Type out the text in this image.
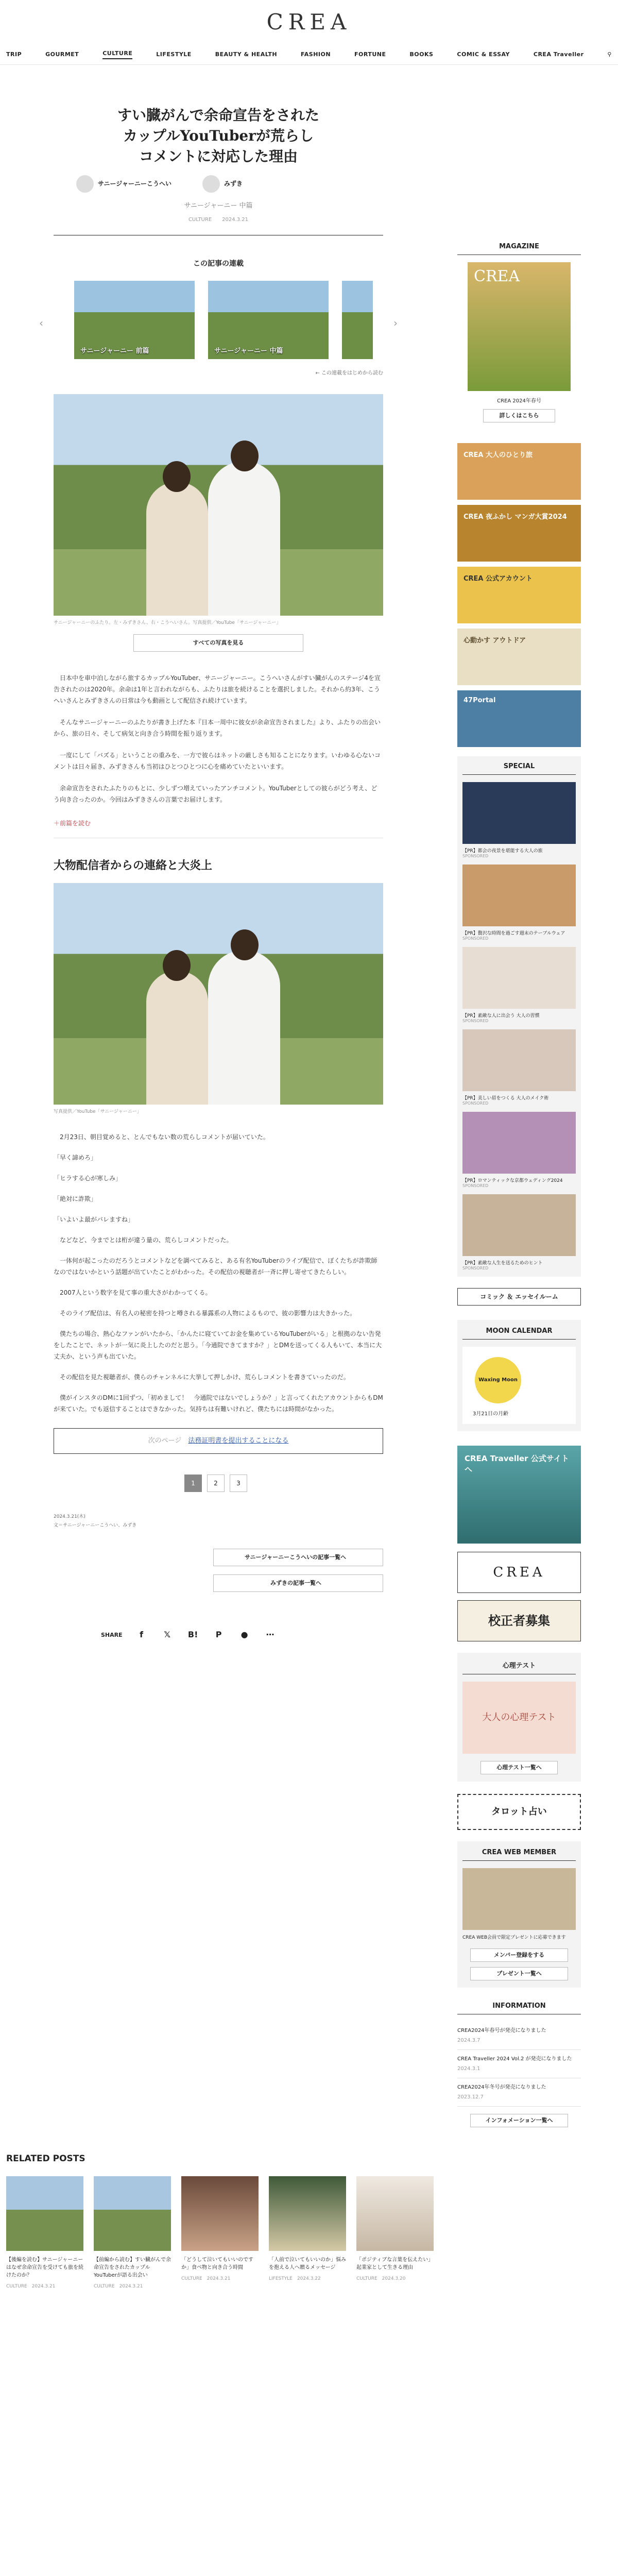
CREA
TRIP	GOURMET	CULTURE	LIFESTYLE	BEAUTY & HEALTH	FASHION	FORTUNE	BOOKS	COMIC & ESSAY	CREA Traveller	⚲
すい臓がんで余命宣告をされた
カップルYouTuberが荒らし
コメントに対応した理由
サニージャーニーこうへい	みずき
サニージャーニー 中篇
CULTURE　　2024.3.21
この記事の連載
‹
サニージャーニー 前篇	サニージャーニー 中篇
›
← この連載をはじめから読む
サニージャーニーのふたり。左・みずきさん、右・こうへいさん。写真提供／YouTube「サニージャーニー」
すべての写真を見る
　日本中を車中泊しながら旅するカップルYouTuber、サニージャーニー。こうへいさんがすい臓がんのステージ4を宣告されたのは2020年。余命は1年と言われながらも、ふたりは旅を続けることを選択しました。それから約3年、こうへいさんとみずきさんの日常は今も動画として配信され続けています。
　そんなサニージャーニーのふたりが書き上げた本『日本一周中に彼女が余命宣告されました』より、ふたりの出会いから、旅の日々、そして病気と向き合う時間を振り返ります。
　一度にして「バズる」ということの重みを、一方で彼らはネットの厳しさも知ることになります。いわゆる心ないコメントは日々届き、みずきさんも当初はひとつひとつに心を痛めていたといいます。
　余命宣告をされたふたりのもとに、少しずつ増えていったアンチコメント。YouTuberとしての彼らがどう考え、どう向き合ったのか。今回はみずきさんの言葉でお届けします。
＋前篇を読む
大物配信者からの連絡と大炎上
写真提供／YouTube「サニージャーニー」
　2月23日、朝目覚めると、とんでもない数の荒らしコメントが届いていた。
「早く諦めろ」
「ヒラする心が寒しみ」
「絶対に詐欺」
「いよいよ最がバレますね」
　などなど、今までとは桁が違う量の、荒らしコメントだった。
　一体何が起こったのだろうとコメントなどを調べてみると、ある有名YouTuberのライブ配信で、ぼくたちが詐欺師なのではないかという話題が出ていたことがわかった。その配信の視聴者が一斉に押し寄せてきたらしい。
　2007人という数字を見て事の重大さがわかってくる。
　そのライブ配信は、有名人の秘密を持つと噂される暴露系の人物によるもので、彼の影響力は大きかった。
　僕たちの場合、熱心なファンがいたから、「かんたに寝ていてお金を集めているYouTuberがいる」と根拠のない告発をしたことで、ネットが一気に炎上したのだと思う。「今通院できてますか？」とDMを送ってくる人もいて、本当に大丈夫か、という声も出ていた。
　その配信を見た視聴者が、僕らのチャンネルに大挙して押しかけ、荒らしコメントを書きていったのだ。
　僕がインスタのDMに1回ずつ、「初めまして！　今通院ではないでしょうか？」と言ってくれたアカウントからもDMが来ていた。でも返信することはできなかった。気持ちは有難いけれど、僕たちには時間がなかった。
次のページ　 法務証明書を提出することになる
1	2	3
2024.3.21(木)
文＝サニージャーニーこうへい、みずき
サニージャーニーこうへいの記事一覧へ
みずきの記事一覧へ
SHARE	f	𝕏	B!	P	●	⋯
RELATED POSTS
【後編を読む】サニージャーニーはなぜ余命宣告を受けても旅を続けたのか？
CULTURE　2024.3.21
【前編から読む】すい臓がんで余命宣告をされたカップルYouTuberが語る出会い
CULTURE　2024.3.21
「どうして泣いてもいいのですか」食べ物と向き合う時間
CULTURE　2024.3.21
「人前で泣いてもいいのか」悩みを抱える人へ贈るメッセージ
LIFESTYLE　2024.3.22
「ポジティブな言葉を伝えたい」起業家として生きる理由
CULTURE　2024.3.20
MAGAZINE
CREA
CREA 2024年春号
詳しくはこちら
CREA 大人のひとり旅
CREA 夜ふかし マンガ大賞2024
CREA 公式アカウント
心動かす アウトドア
47Portal
SPECIAL
【PR】都会の夜景を堪能する大人の旅
SPONSORED
【PR】贅沢な時間を過ごす週末のテーブルウェア
SPONSORED
【PR】素敵な人に出会う 大人の習慣
SPONSORED
【PR】美しい眉をつくる 大人のメイク術
SPONSORED
【PR】ロマンティックな京都ウェディング2024
SPONSORED
【PR】素敵な人生を送るためのヒント
SPONSORED
コミック ＆ エッセイルーム
MOON CALENDAR
Waxing Moon
3月21日の月齢
CREA Traveller 公式サイトへ
CREA
校正者募集
心理テスト
大人の心理テスト
心理テスト一覧へ
タロット占い
CREA WEB MEMBER
CREA WEB会員で限定プレゼントに応募できます
メンバー登録をする
プレゼント一覧へ
INFORMATION
CREA2024年春号が発売になりました
2024.3.7
CREA Traveller 2024 Vol.2 が発売になりました
2024.3.1
CREA2024年冬号が発売になりました
2023.12.7
インフォメーション一覧へ
